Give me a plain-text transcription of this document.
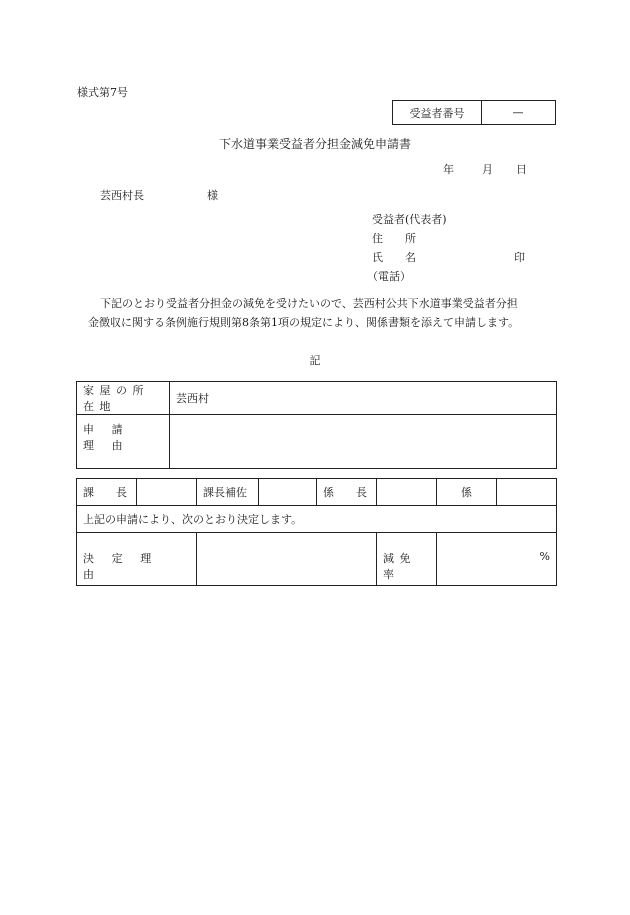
様式第7号
受益者番号	—
下水道事業受益者分担金減免申請書
年	月 日
芸西村長	様
受益者(代表者)
住　　所
氏　　名	印
（電話）
下記のとおり受益者分担金の減免を受けたいので、芸西村公共下水道事業受益者分担
金徴収に関する条例施行規則第8条第1項の規定により、関係書類を添えて申請します。
記
家屋の所在地	芸西村
申請理由	
課　　長		課長補佐		係　　長		係	
上記の申請により、次のとおり決定します。							
決定理由					減免率	%	
